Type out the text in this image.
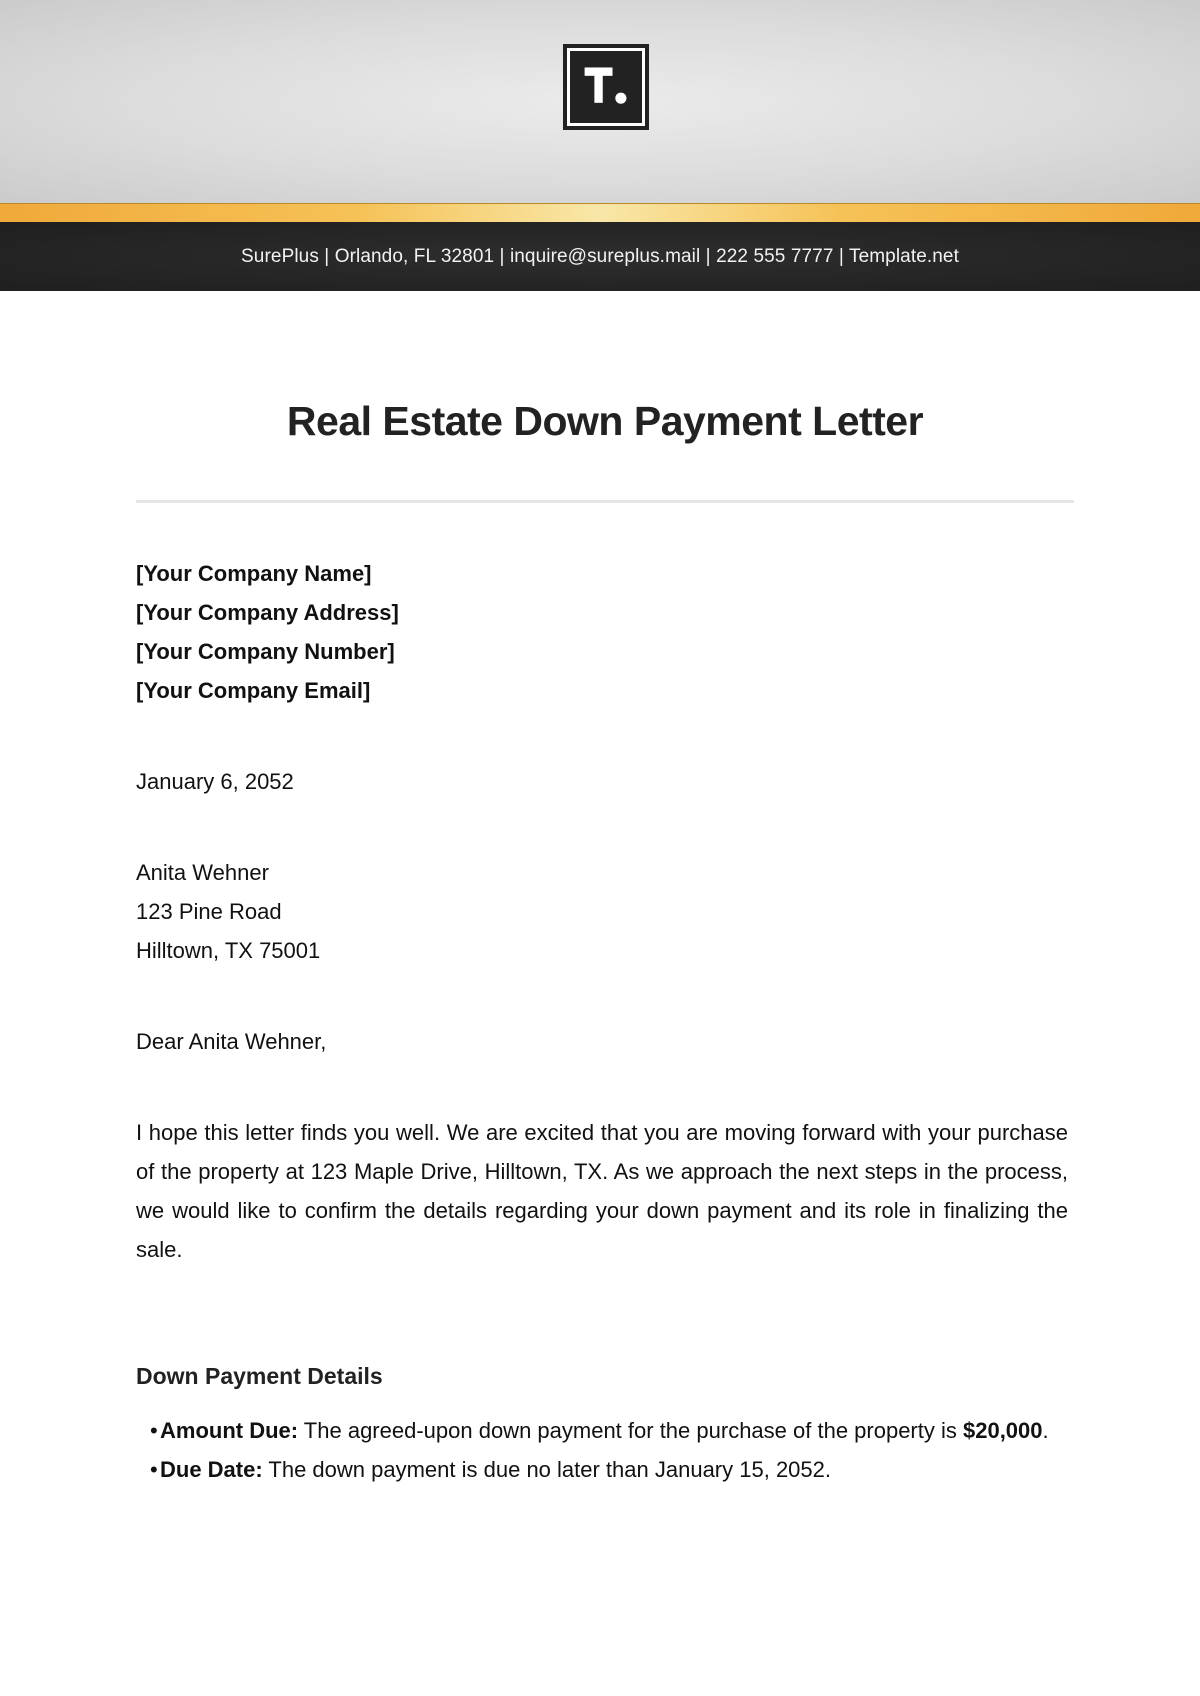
SurePlus | Orlando, FL 32801 | inquire@sureplus.mail | 222 555 7777 | Template.net
Real Estate Down Payment Letter
[Your Company Name]
[Your Company Address]
[Your Company Number]
[Your Company Email]

January 6, 2052

Anita Wehner
123 Pine Road
Hilltown, TX 75001

Dear Anita Wehner,

I hope this letter finds you well. We are excited that you are moving forward with your purchase of the property at 123 Maple Drive, Hilltown, TX. As we approach the next steps in the process, we would like to confirm the details regarding your down payment and its role in finalizing the sale.

Down Payment Details
• Amount Due: The agreed-upon down payment for the purchase of the property is $20,000.
• Due Date: The down payment is due no later than January 15, 2052.
